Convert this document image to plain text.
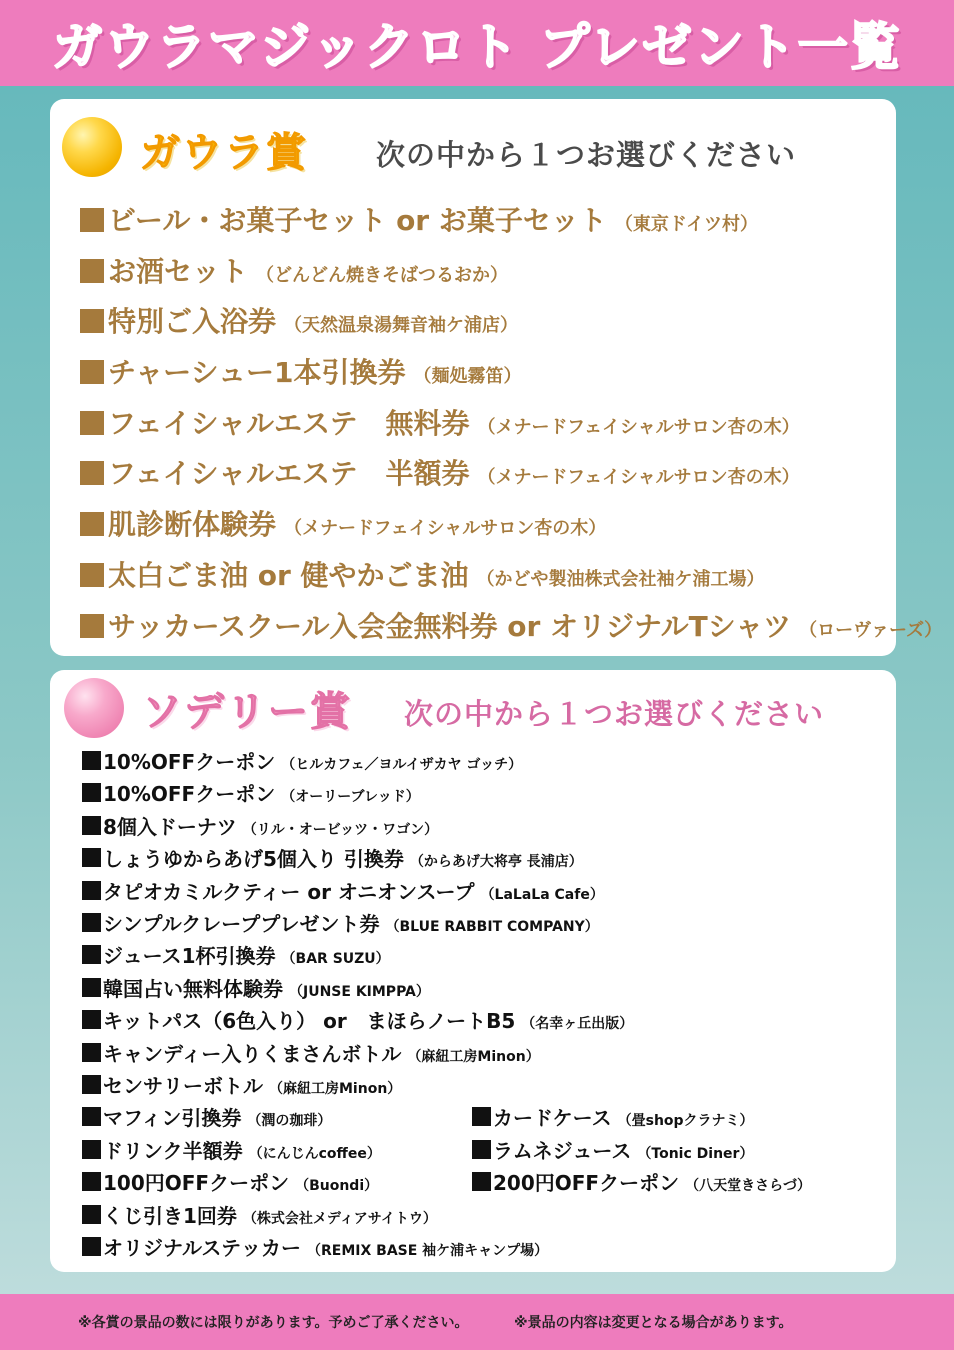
ガウラマジックロト プレゼント一覧
ガウラ賞 次の中から１つお選びください
ビール・お菓子セット or お菓子セット （東京ドイツ村）
お酒セット （どんどん焼きそばつるおか）
特別ご入浴券 （天然温泉湯舞音袖ケ浦店）
チャーシュー1本引換券 （麺処霧笛）
フェイシャルエステ　無料券 （メナードフェイシャルサロン杏の木）
フェイシャルエステ　半額券 （メナードフェイシャルサロン杏の木）
肌診断体験券 （メナードフェイシャルサロン杏の木）
太白ごま油 or 健やかごま油 （かどや製油株式会社袖ケ浦工場）
サッカースクール入会金無料券 or オリジナルTシャツ （ローヴァーズ）
ソデリー賞 次の中から１つお選びください
10%OFFクーポン （ヒルカフェ／ヨルイザカヤ ゴッチ）
10%OFFクーポン （オーリーブレッド）
8個入ドーナツ （リル・オービッツ・ワゴン）
しょうゆからあげ5個入り 引換券 （からあげ大将亭 長浦店）
タピオカミルクティー or オニオンスープ （LaLaLa Cafe）
シンプルクレーププレゼント券 （BLUE RABBIT COMPANY）
ジュース1杯引換券 （BAR SUZU）
韓国占い無料体験券 （JUNSE KIMPPA）
キットパス（6色入り） or　まほらノートB5 （名幸ヶ丘出版）
キャンディー入りくまさんボトル （麻紐工房Minon）
センサリーボトル （麻紐工房Minon）
マフィン引換券 （潤の珈琲）
ドリンク半額券 （にんじんcoffee）
100円OFFクーポン （Buondi）
くじ引き1回券 （株式会社メディアサイトウ）
オリジナルステッカー （REMIX BASE 袖ケ浦キャンプ場）
カードケース （畳shopクラナミ）
ラムネジュース （Tonic Diner）
200円OFFクーポン （八天堂きさらづ）
※各賞の景品の数には限りがあります。予めご了承ください。	※景品の内容は変更となる場合があります。
